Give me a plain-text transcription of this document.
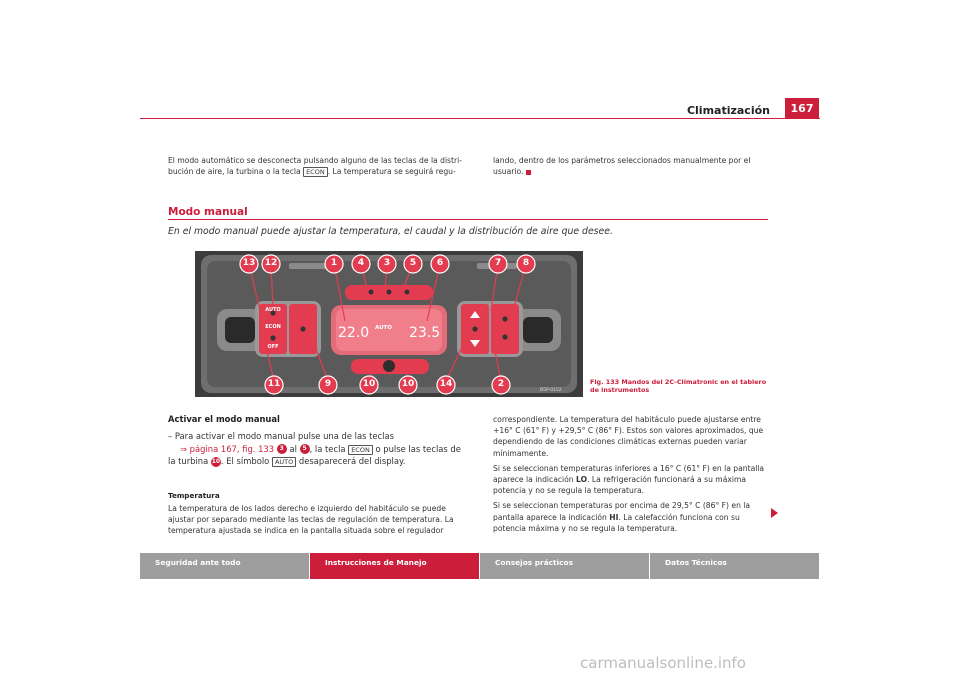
Climatización	167
El modo automático se desconecta pulsando alguno de las teclas de la distri-bución de aire, la turbina o la tecla ECON . La temperatura se seguirá regu-
lando, dentro de los parámetros seleccionados manualmente por el usuario.
Modo manual
En el modo manual puede ajustar la temperatura, el caudal y la distribución de aire que desee.
13	12	1	4	3	5	6	7	8
11	9	10	10	14	2
AUTO
ECON
OFF
22.0	23.5
AUTO
B5P-0152
Fig. 133 Mandos del 2C-Climatronic en el tablero de instrumentos
Activar el modo manual
– Para activar el modo manual pulse una de las teclas
⇒ página 167, fig. 133 3 al 5 , la tecla ECON o pulse las teclas de la turbina 10. El símbolo AUTO desaparecerá del display.
Temperatura
La temperatura de los lados derecho e izquierdo del habitáculo se puede ajustar por separado mediante las teclas de regulación de temperatura. La temperatura ajustada se indica en la pantalla situada sobre el regulador
correspondiente. La temperatura del habitáculo puede ajustarse entre +16° C (61° F) y +29,5° C (86° F). Estos son valores aproximados, que dependiendo de las condiciones climáticas externas pueden variar mínimamente.
Si se seleccionan temperaturas inferiores a 16° C (61° F) en la pantalla aparece la indicación LO. La refrigeración funcionará a su máxima potencia y no se regula la temperatura.
Si se seleccionan temperaturas por encima de 29,5° C (86° F) en la pantalla aparece la indicación HI. La calefacción funciona con su potencia máxima y no se regula la temperatura.
Seguridad ante todo	Instrucciones de Manejo	Consejos prácticos	Datos Técnicos
carmanualsonline.info
